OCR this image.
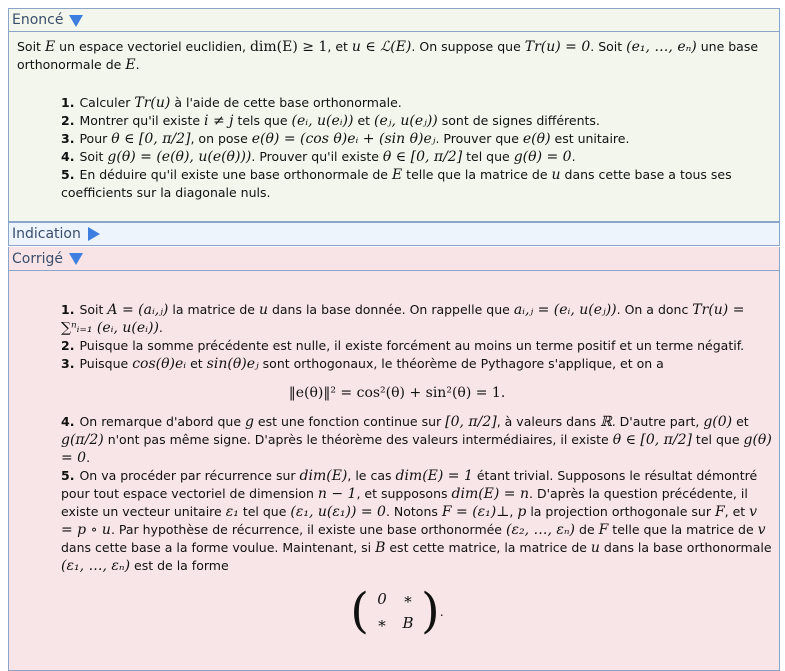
Enoncé

Soit E un espace vectoriel euclidien, dim(E) ≥ 1, et u ∈ ℒ(E). On suppose que Tr(u) = 0. Soit (e₁, …, eₙ) une base orthonormale de E.

1. Calculer Tr(u) à l'aide de cette base orthonormale.
2. Montrer qu'il existe i ≠ j tels que (eᵢ, u(eᵢ)) et (eⱼ, u(eⱼ)) sont de signes différents.
3. Pour θ ∈ [0, π/2], on pose e(θ) = (cos θ)eᵢ + (sin θ)eⱼ. Prouver que e(θ) est unitaire.
4. Soit g(θ) = (e(θ), u(e(θ))). Prouver qu'il existe θ ∈ [0, π/2] tel que g(θ) = 0.
5. En déduire qu'il existe une base orthonormale de E telle que la matrice de u dans cette base a tous ses coefficients sur la diagonale nuls.
Indication
Corrigé
1. Soit A = (aᵢ,ⱼ) la matrice de u dans la base donnée. On rappelle que aᵢ,ⱼ = (eᵢ, u(eⱼ)). On a donc Tr(u) = ∑ⁿᵢ₌₁ (eᵢ, u(eᵢ)).
2. Puisque la somme précédente est nulle, il existe forcément au moins un terme positif et un terme négatif.
3. Puisque cos(θ)eᵢ et sin(θ)eⱼ sont orthogonaux, le théorème de Pythagore s'applique, et on a
‖e(θ)‖² = cos²(θ) + sin²(θ) = 1.
4. On remarque d'abord que g est une fonction continue sur [0, π/2], à valeurs dans ℝ. D'autre part, g(0) et g(π/2) n'ont pas même signe. D'après le théorème des valeurs intermédiaires, il existe θ ∈ [0, π/2] tel que g(θ) = 0.
5. On va procéder par récurrence sur dim(E), le cas dim(E) = 1 étant trivial. Supposons le résultat démontré pour tout espace vectoriel de dimension n − 1, et supposons dim(E) = n. D'après la question précédente, il existe un vecteur unitaire ε₁ tel que (ε₁, u(ε₁)) = 0. Notons F = (ε₁)⊥, p la projection orthogonale sur F, et v = p ∘ u. Par hypothèse de récurrence, il existe une base orthonormée (ε₂, …, εₙ) de F telle que la matrice de v dans cette base a la forme voulue. Maintenant, si B est cette matrice, la matrice de u dans la base orthonormale (ε₁, …, εₙ) est de la forme
( 0	∗
∗	B ) .
